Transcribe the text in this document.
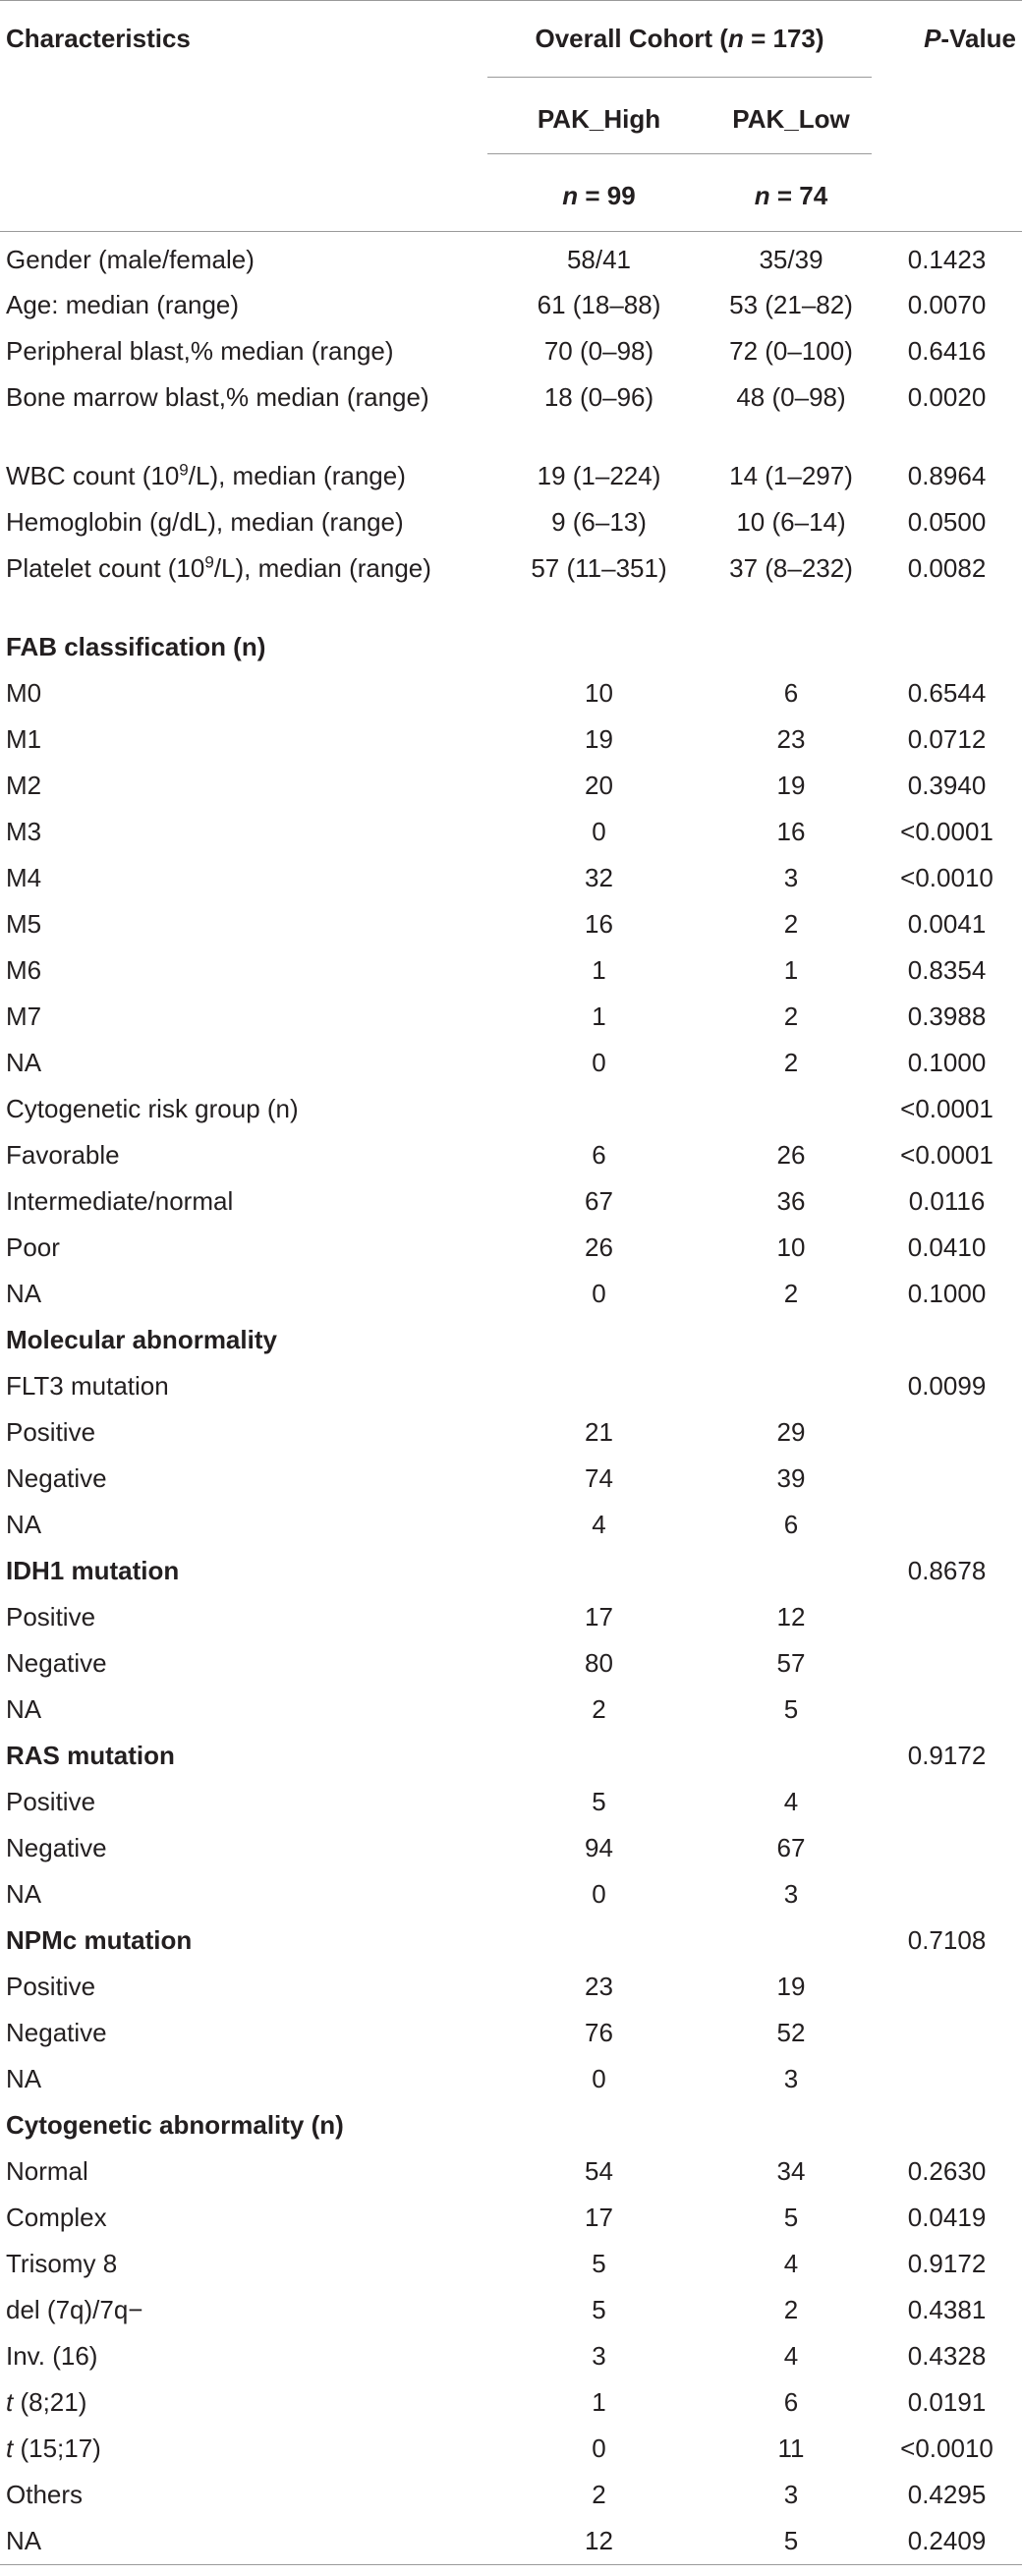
Characteristics	Overall Cohort (n = 173)		P-Value
	PAK_High	PAK_Low	
	n = 99	n = 74	
Gender (male/female)	58/41	35/39	0.1423
Age: median (range)	61 (18–88)	53 (21–82)	0.0070
Peripheral blast,% median (range)	70 (0–98)	72 (0–100)	0.6416
Bone marrow blast,% median (range)	18 (0–96)	48 (0–98)	0.0020
WBC count $(10^9/L)$, median (range)	19 (1–224)	14 (1–297)	0.8964
Hemoglobin (g/dL), median (range)	9 (6–13)	10 (6–14)	0.0500
Platelet count $(10^9/L)$, median (range)	57 (11–351)	37 (8–232)	0.0082
FAB classification (n)			
M0	10	6	0.6544
M1	19	23	0.0712
M2	20	19	0.3940
M3	0	16	<0.0001
M4	32	3	<0.0010
M5	16	2	0.0041
M6	1	1	0.8354
M7	1	2	0.3988
NA	0	2	0.1000
Cytogenetic risk group (n)			<0.0001
Favorable	6	26	<0.0001
Intermediate/normal	67	36	0.0116
Poor	26	10	0.0410
NA	0	2	0.1000
Molecular abnormality			
FLT3 mutation			0.0099
Positive	21	29	
Negative	74	39	
NA	4	6	
IDH1 mutation			0.8678
Positive	17	12	
Negative	80	57	
NA	2	5	
RAS mutation			0.9172
Positive	5	4	
Negative	94	67	
NA	0	3	
NPMc mutation			0.7108
Positive	23	19	
Negative	76	52	
NA	0	3	
Cytogenetic abnormality (n)			
Normal	54	34	0.2630
Complex	17	5	0.0419
Trisomy 8	5	4	0.9172
del (7q)/7q−	5	2	0.4381
Inv. (16)	3	4	0.4328
t (8;21)	1	6	0.0191
t (15;17)	0	11	<0.0010
Others	2	3	0.4295
NA	12	5	0.2409
